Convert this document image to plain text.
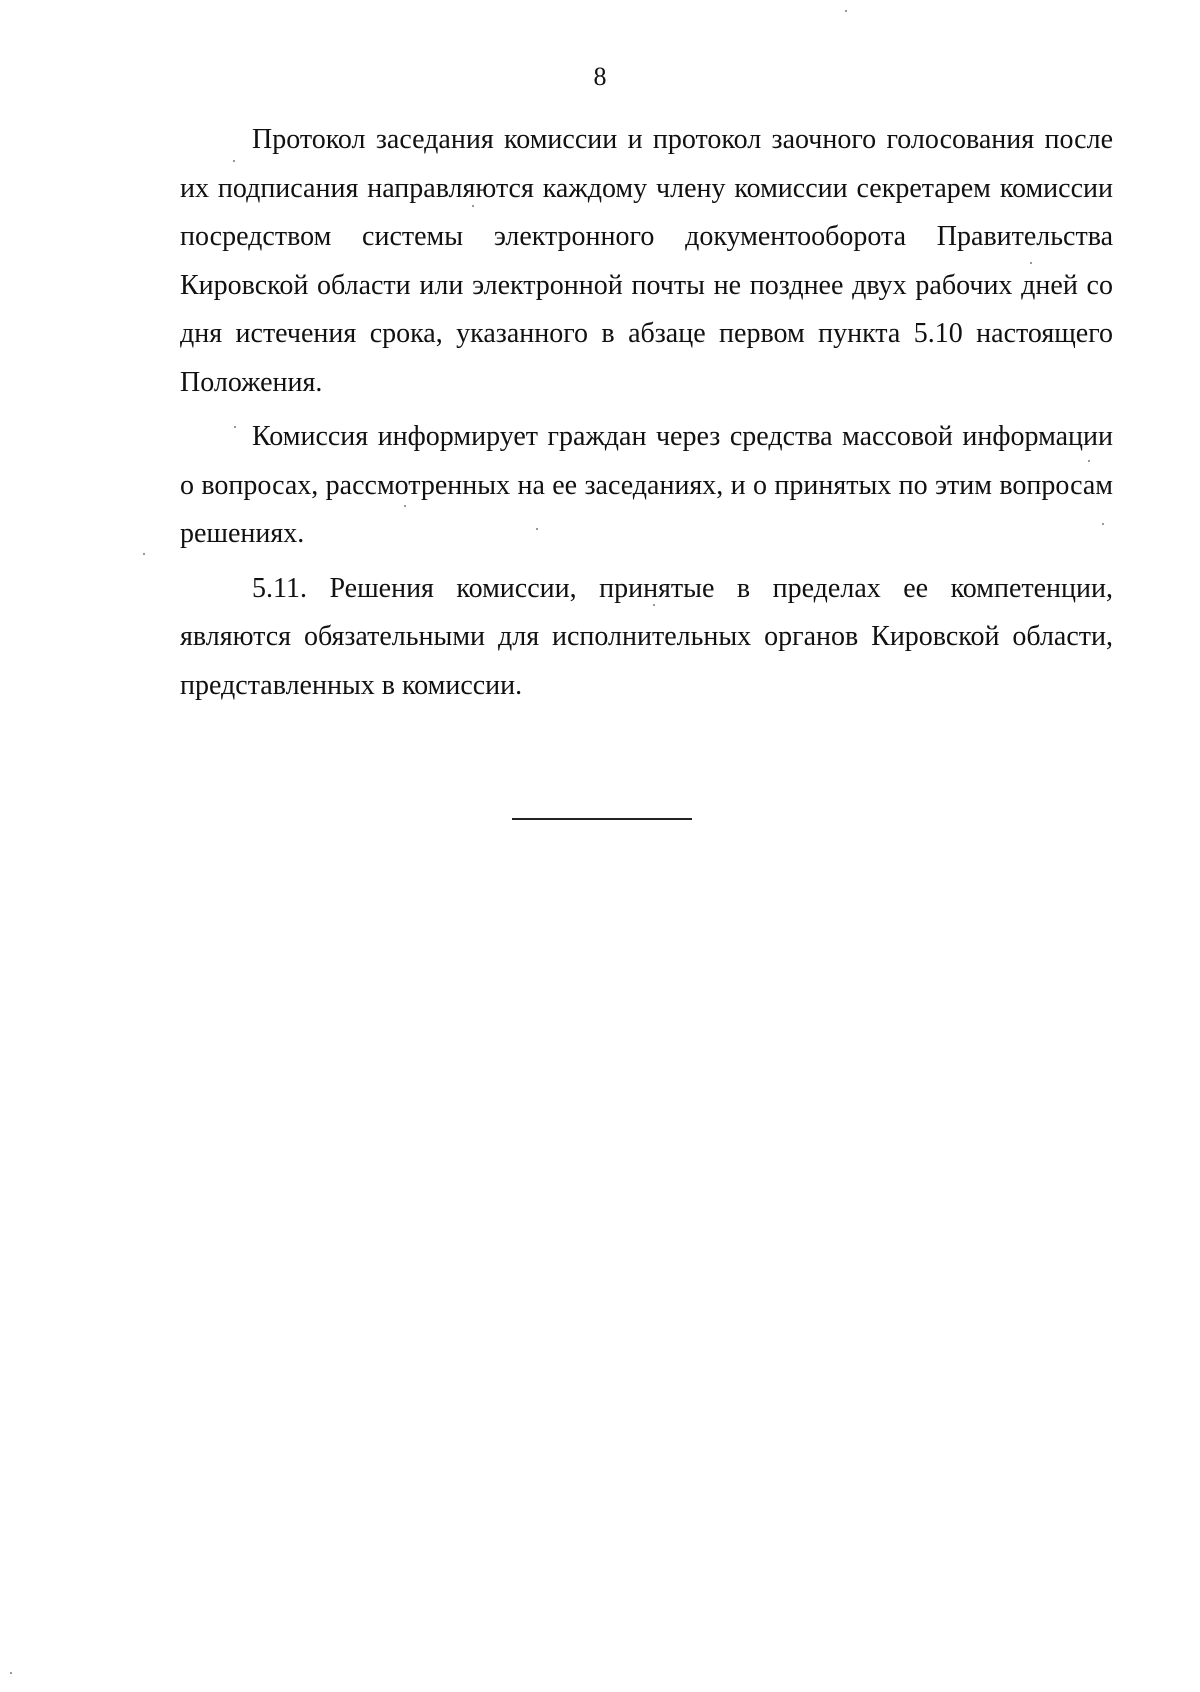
8

Протокол заседания комиссии и протокол заочного голосования после их подписания направляются каждому члену комиссии секретарем комиссии посредством системы электронного документооборота Правительства Кировской области или электронной почты не позднее двух рабочих дней со дня истечения срока, указанного в абзаце первом пункта 5.10 настоящего Положения.

Комиссия информирует граждан через средства массовой информации о вопросах, рассмотренных на ее заседаниях, и о принятых по этим вопросам решениях.

5.11. Решения комиссии, принятые в пределах ее компетенции, являются обязательными для исполнительных органов Кировской области, представленных в комиссии.
